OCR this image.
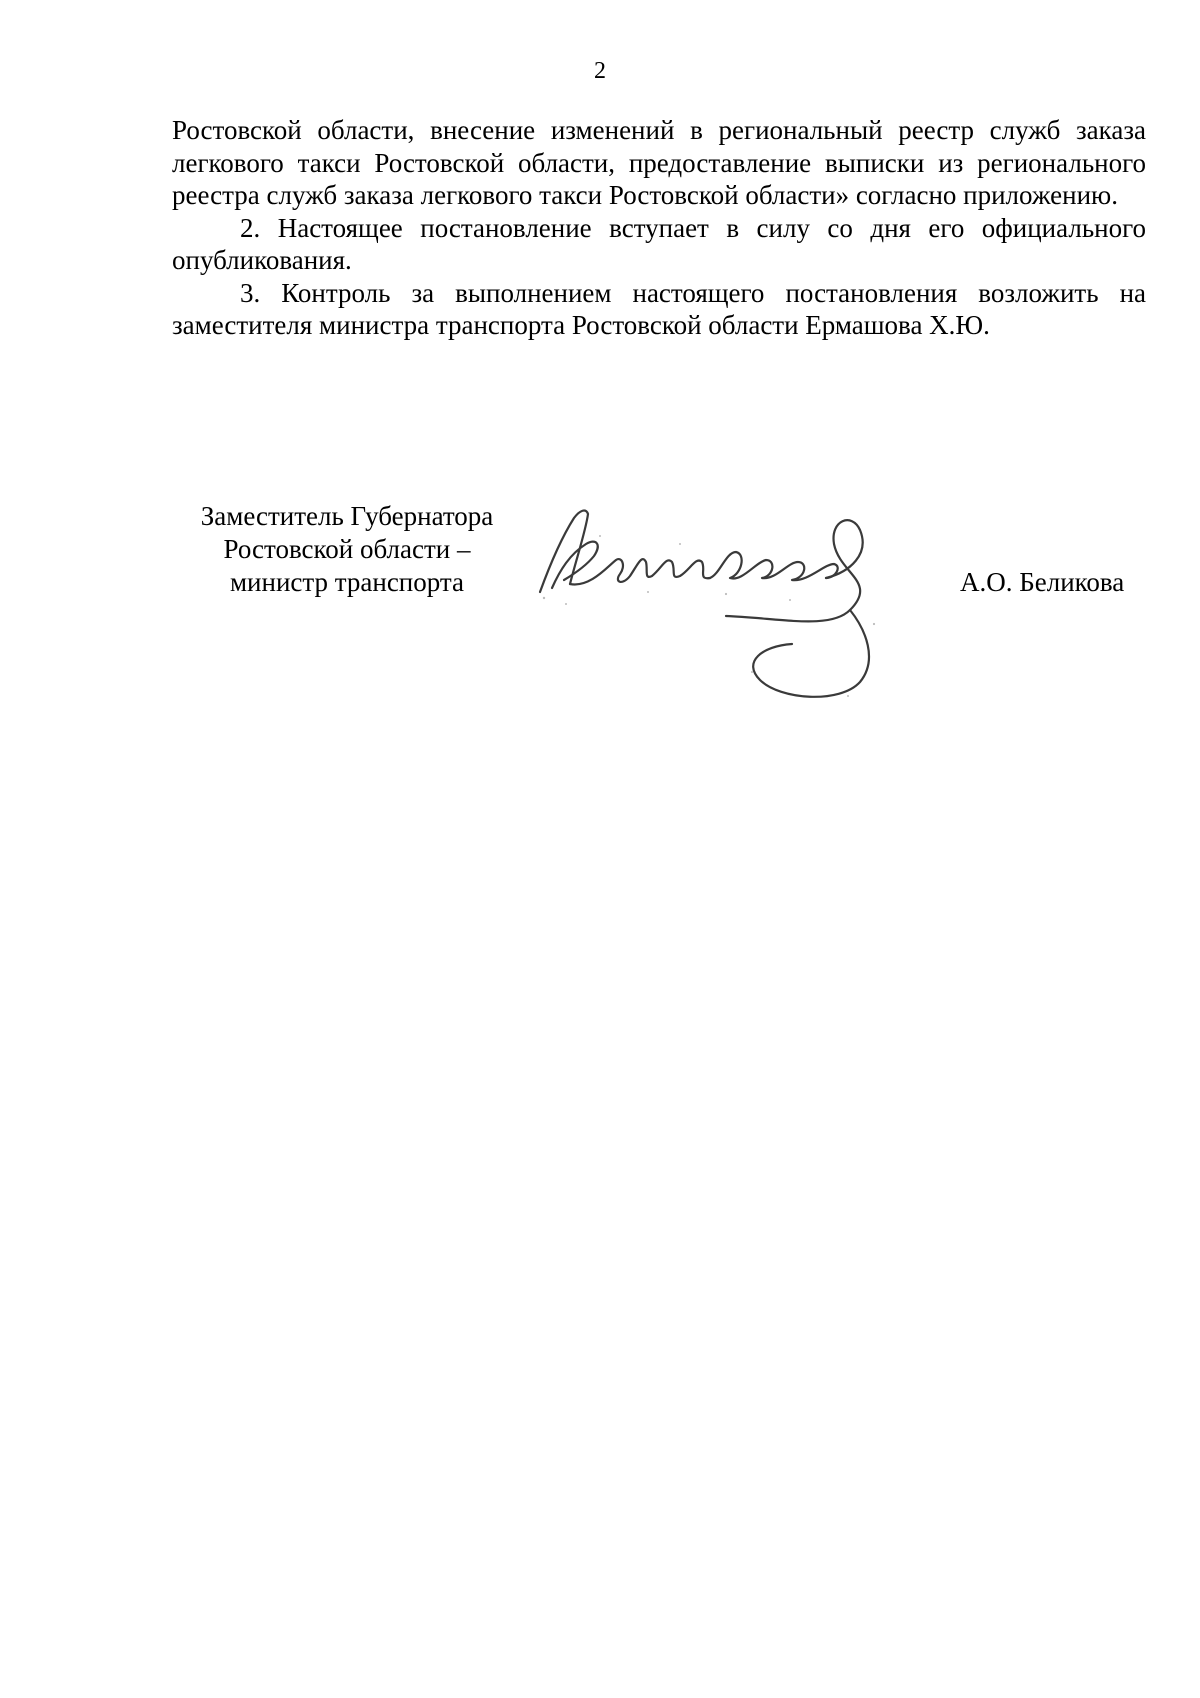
2

Ростовской области, внесение изменений в региональный реестр служб заказа легкового такси Ростовской области, предоставление выписки из регионального реестра служб заказа легкового такси Ростовской области» согласно приложению.

2. Настоящее постановление вступает в силу со дня его официального опубликования.

3. Контроль за выполнением настоящего постановления возложить на заместителя министра транспорта Ростовской области Ермашова Х.Ю.

Заместитель Губернатора
Ростовской области –
министр транспорта	А.О. Беликова
